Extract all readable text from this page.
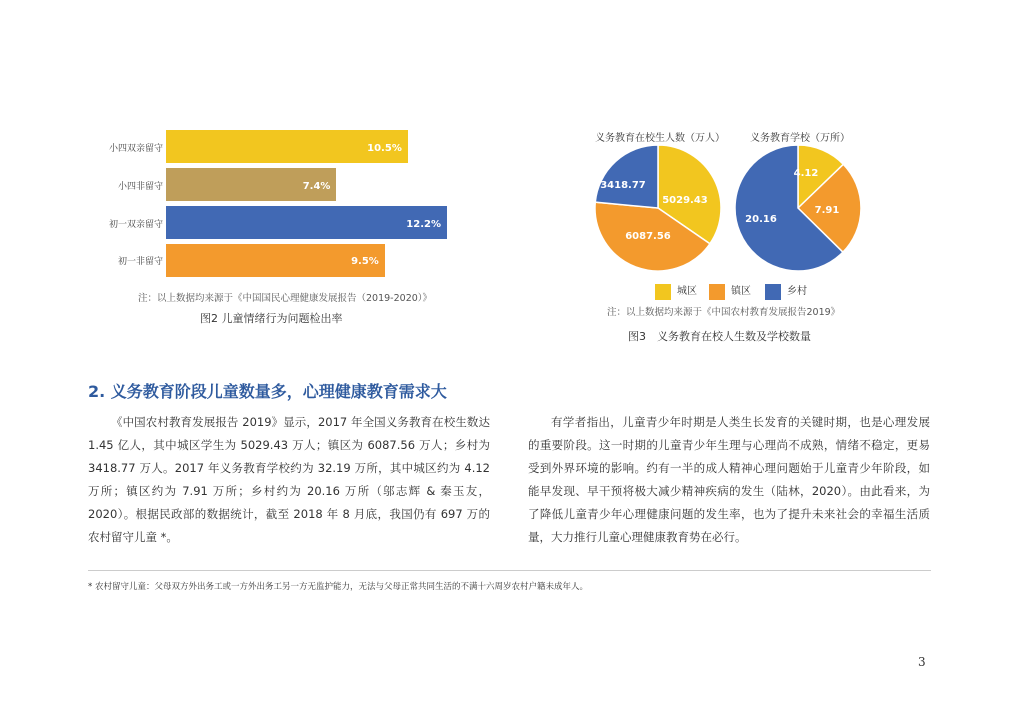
小四双亲留守
小四非留守
初一双亲留守
初一非留守
10.5%
7.4%
12.2%
9.5%
注：以上数据均来源于《中国国民心理健康发展报告（2019-2020）》
图2 儿童情绪行为问题检出率
义务教育在校生人数（万人）	义务教育学校（万所）
5029.43
6087.56
3418.77
4.12
7.91
20.16
城区	镇区	乡村
注：以上数据均来源于《中国农村教育发展报告2019》
图3　义务教育在校人生数及学校数量
2. 义务教育阶段儿童数量多，心理健康教育需求大

《中国农村教育发展报告 2019》显示，2017 年全国义务教育在校生数达 1.45 亿人，其中城区学生为 5029.43 万人；镇区为 6087.56 万人；乡村为 3418.77 万人。2017 年义务教育学校约为 32.19 万所，其中城区约为 4.12 万所；镇区约为 7.91 万所；乡村约为 20.16 万所（邬志辉 & 秦玉友，2020）。根据民政部的数据统计，截至 2018 年 8 月底，我国仍有 697 万的农村留守儿童 *。

有学者指出，儿童青少年时期是人类生长发育的关键时期，也是心理发展的重要阶段。这一时期的儿童青少年生理与心理尚不成熟，情绪不稳定，更易受到外界环境的影响。约有一半的成人精神心理问题始于儿童青少年阶段，如能早发现、早干预将极大减少精神疾病的发生（陆林，2020）。由此看来，为了降低儿童青少年心理健康问题的发生率，也为了提升未来社会的幸福生活质量，大力推行儿童心理健康教育势在必行。

* 农村留守儿童：父母双方外出务工或一方外出务工另一方无监护能力，无法与父母正常共同生活的不满十六周岁农村户籍未成年人。
3
